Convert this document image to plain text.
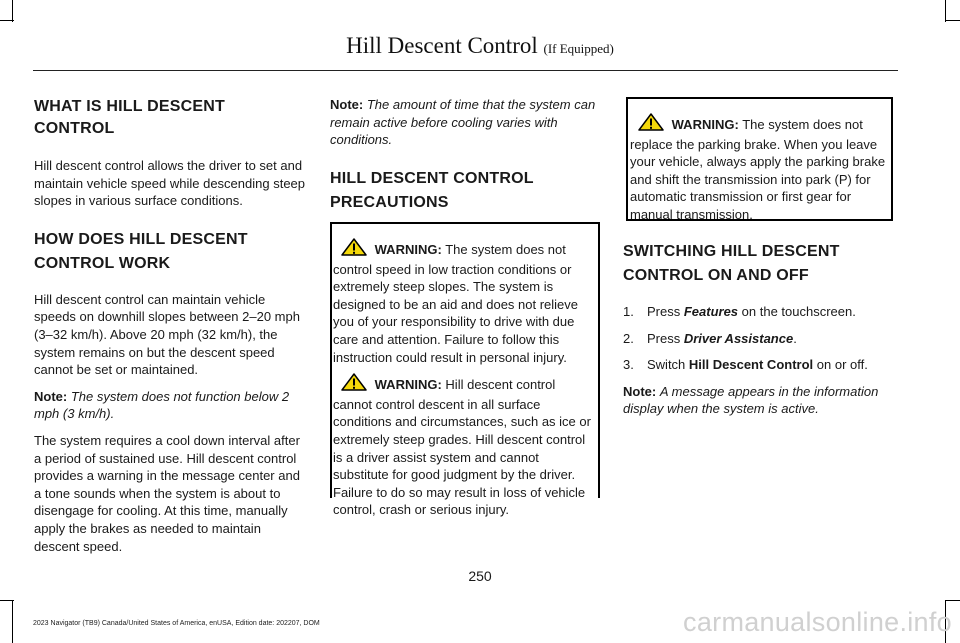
Hill Descent Control (If Equipped)

WHAT IS HILL DESCENT CONTROL

Hill descent control allows the driver to set and maintain vehicle speed while descending steep slopes in various surface conditions.

HOW DOES HILL DESCENT

CONTROL WORK

Hill descent control can maintain vehicle speeds on downhill slopes between 2–20 mph (3–32 km/h). Above 20 mph (32 km/h), the system remains on but the descent speed cannot be set or maintained.

Note: The system does not function below 2 mph (3 km/h).

The system requires a cool down interval after a period of sustained use. Hill descent control provides a warning in the message center and a tone sounds when the system is about to disengage for cooling. At this time, manually apply the brakes as needed to maintain descent speed.

Note: The amount of time that the system can remain active before cooling varies with conditions.

HILL DESCENT CONTROL

PRECAUTIONS

WARNING: The system does not control speed in low traction conditions or extremely steep slopes. The system is designed to be an aid and does not relieve you of your responsibility to drive with due care and attention. Failure to follow this instruction could result in personal injury.

WARNING: Hill descent control cannot control descent in all surface conditions and circumstances, such as ice or extremely steep grades. Hill descent control is a driver assist system and cannot substitute for good judgment by the driver. Failure to do so may result in loss of vehicle control, crash or serious injury.

WARNING: The system does not replace the parking brake. When you leave your vehicle, always apply the parking brake and shift the transmission into park (P) for automatic transmission or first gear for manual transmission.

SWITCHING HILL DESCENT

CONTROL ON AND OFF

1. Press Features on the touchscreen.

2. Press Driver Assistance.

3. Switch Hill Descent Control on or off.

Note: A message appears in the information display when the system is active.

250
2023 Navigator (TB9) Canada/United States of America, enUSA, Edition date: 202207, DOM	carmanualsonline.info
